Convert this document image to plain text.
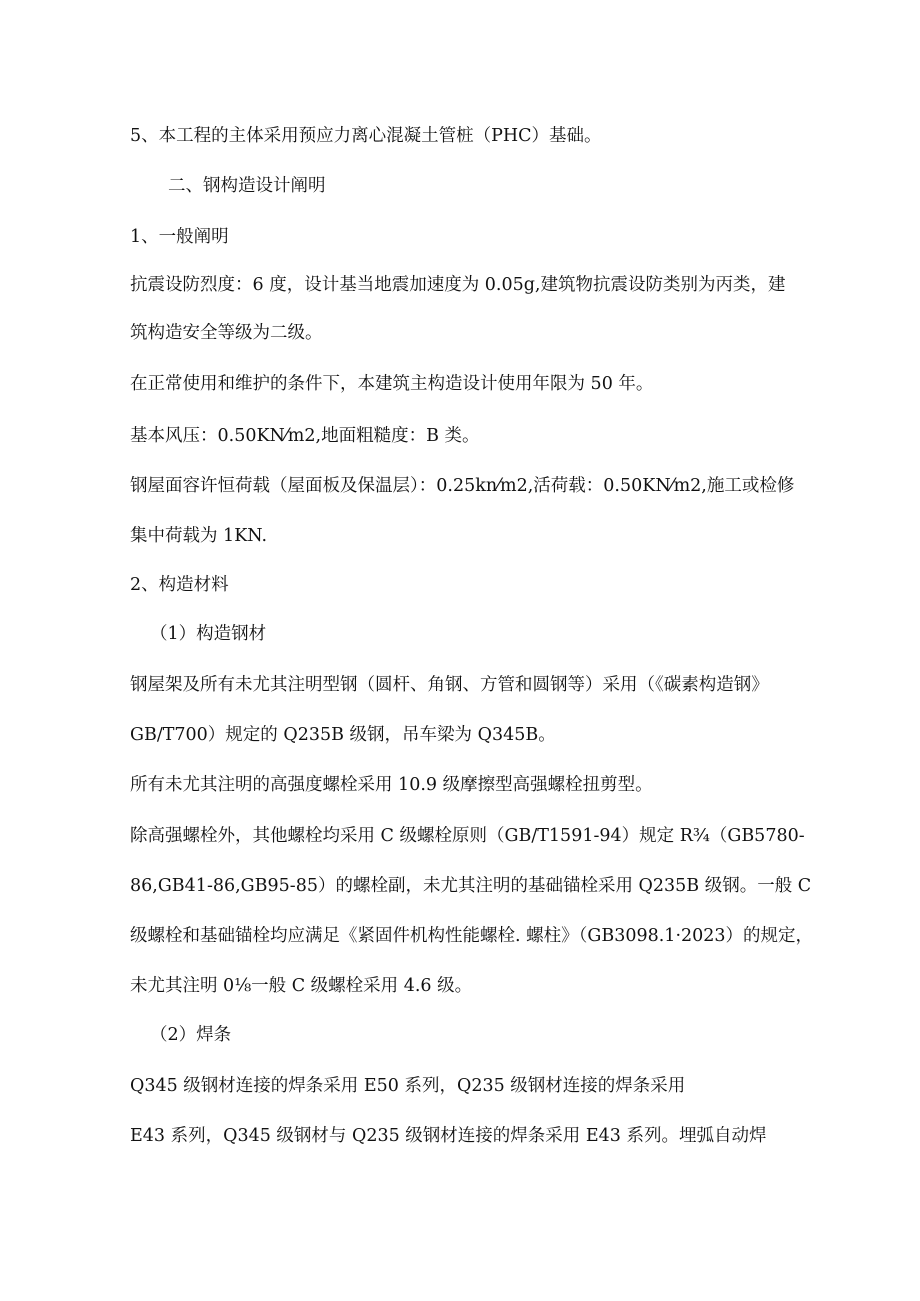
5、本工程的主体采用预应力离心混凝土管桩（PHC）基础。
二、钢构造设计阐明
1、一般阐明
抗震设防烈度：6 度，设计基当地震加速度为 0.05g,建筑物抗震设防类别为丙类，建
筑构造安全等级为二级。
在正常使用和维护的条件下，本建筑主构造设计使用年限为 50 年。
基本风压：0.50KN⁄m2,地面粗糙度：B 类。
钢屋面容许恒荷载（屋面板及保温层）：0.25kn⁄m2,活荷载：0.50KN⁄m2,施工或检修
集中荷载为 1KN.
2、构造材料
（1）构造钢材
钢屋架及所有未尤其注明型钢（圆杆、角钢、方管和圆钢等）采用（《碳素构造钢》
GB/T700）规定的 Q235B 级钢，吊车梁为 Q345B。
所有未尤其注明的高强度螺栓采用 10.9 级摩擦型高强螺栓扭剪型。
除高强螺栓外，其他螺栓均采用 C 级螺栓原则（GB/T1591-94）规定 R¾（GB5780-
86,GB41-86,GB95-85）的螺栓副，未尤其注明的基础锚栓采用 Q235B 级钢。一般 C
级螺栓和基础锚栓均应满足《紧固件机构性能螺栓. 螺柱》（GB3098.1·2023）的规定，
未尤其注明 0⅛一般 C 级螺栓采用 4.6 级。
（2）焊条
Q345 级钢材连接的焊条采用 E50 系列，Q235 级钢材连接的焊条采用
E43 系列，Q345 级钢材与 Q235 级钢材连接的焊条采用 E43 系列。埋弧自动焊
